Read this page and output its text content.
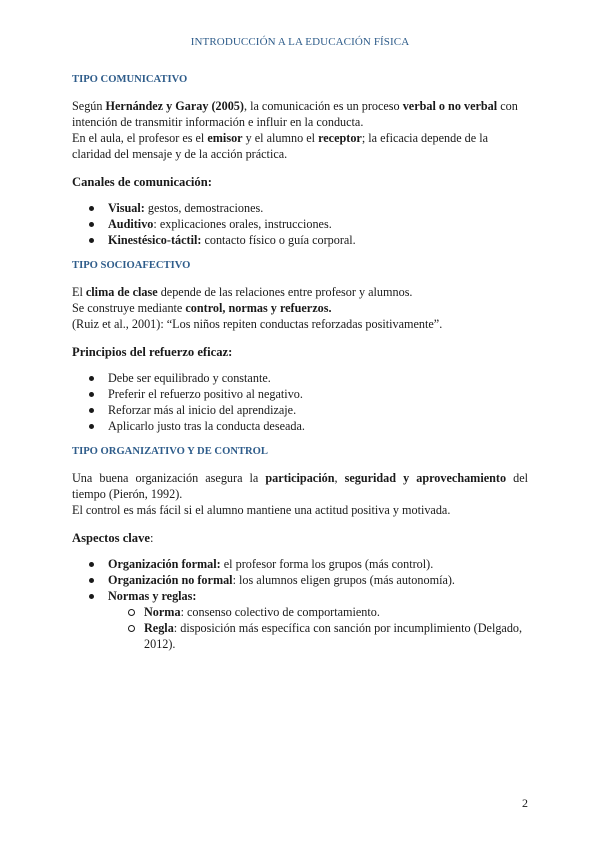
INTRODUCCIÓN A LA EDUCACIÓN FÍSICA
TIPO COMUNICATIVO

Según Hernández y Garay (2005), la comunicación es un proceso verbal o no verbal con intención de transmitir información e influir en la conducta.

En el aula, el profesor es el emisor y el alumno el receptor; la eficacia depende de la claridad del mensaje y de la acción práctica.

Canales de comunicación:

Visual: gestos, demostraciones.
Auditivo: explicaciones orales, instrucciones.
Kinestésico-táctil: contacto físico o guía corporal.
TIPO SOCIOAFECTIVO

El clima de clase depende de las relaciones entre profesor y alumnos.

Se construye mediante control, normas y refuerzos.

(Ruiz et al., 2001): “Los niños repiten conductas reforzadas positivamente”.

Principios del refuerzo eficaz:

Debe ser equilibrado y constante.
Preferir el refuerzo positivo al negativo.
Reforzar más al inicio del aprendizaje.
Aplicarlo justo tras la conducta deseada.
TIPO ORGANIZATIVO Y DE CONTROL

Una buena organización asegura la participación, seguridad y aprovechamiento del tiempo (Pierón, 1992).

El control es más fácil si el alumno mantiene una actitud positiva y motivada.

Aspectos clave:

Organización formal: el profesor forma los grupos (más control).
Organización no formal: los alumnos eligen grupos (más autonomía).
Normas y reglas:
Norma: consenso colectivo de comportamiento.
Regla: disposición más específica con sanción por incumplimiento (Delgado, 2012).
2
